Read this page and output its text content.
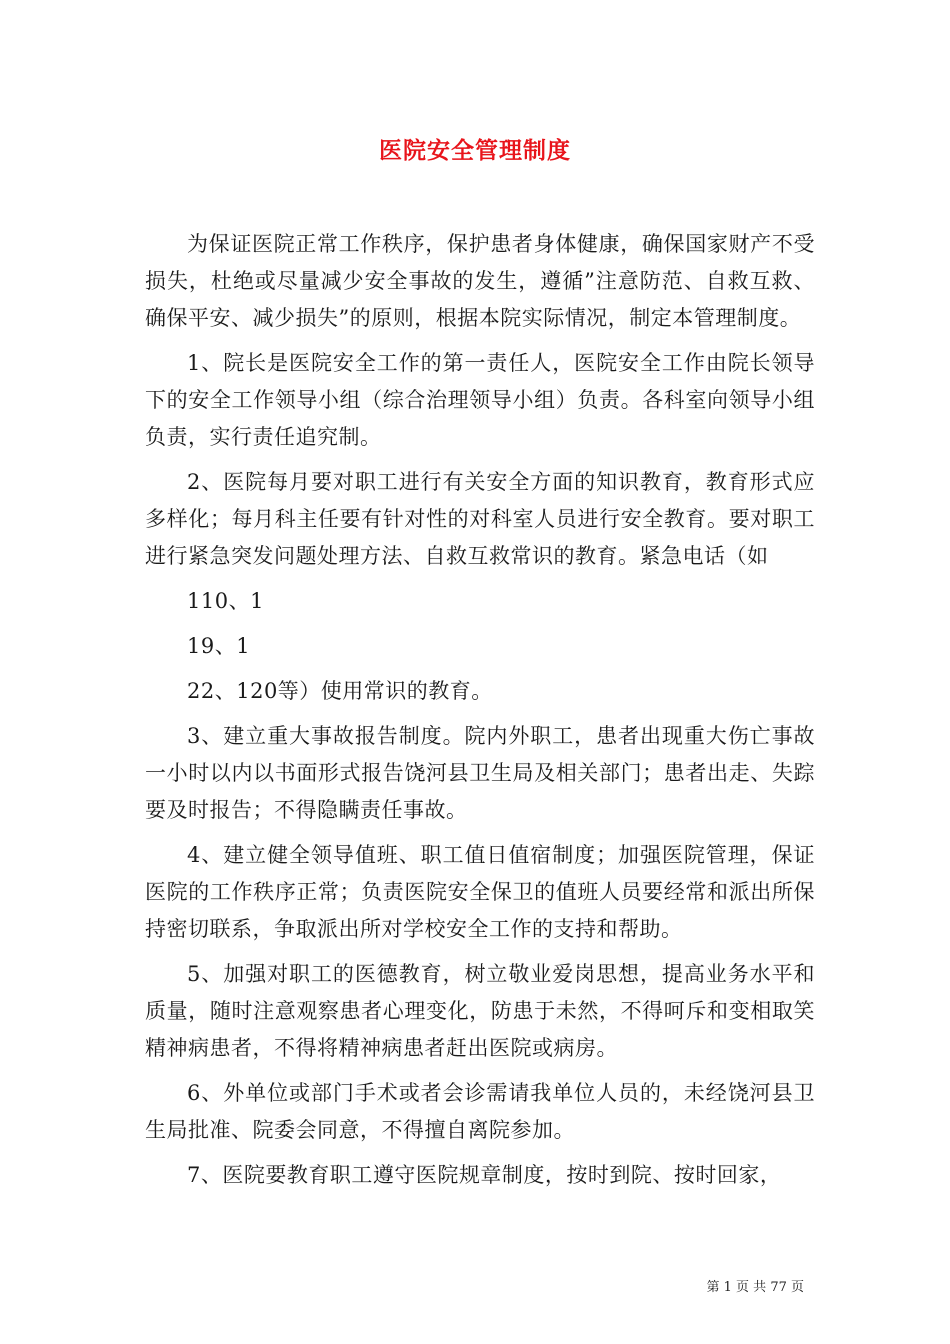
医院安全管理制度

为保证医院正常工作秩序，保护患者身体健康，确保国家财产不受损失，杜绝或尽量减少安全事故的发生，遵循”注意防范、自救互救、确保平安、减少损失”的原则，根据本院实际情况，制定本管理制度。

1、院长是医院安全工作的第一责任人，医院安全工作由院长领导下的安全工作领导小组（综合治理领导小组）负责。各科室向领导小组负责，实行责任追究制。

2、医院每月要对职工进行有关安全方面的知识教育，教育形式应多样化；每月科主任要有针对性的对科室人员进行安全教育。要对职工进行紧急突发问题处理方法、自救互救常识的教育。紧急电话（如

110、1

19、1

22、120等）使用常识的教育。

3、建立重大事故报告制度。院内外职工，患者出现重大伤亡事故一小时以内以书面形式报告饶河县卫生局及相关部门；患者出走、失踪要及时报告；不得隐瞒责任事故。

4、建立健全领导值班、职工值日值宿制度；加强医院管理，保证医院的工作秩序正常；负责医院安全保卫的值班人员要经常和派出所保持密切联系，争取派出所对学校安全工作的支持和帮助。

5、加强对职工的医德教育，树立敬业爱岗思想，提高业务水平和质量，随时注意观察患者心理变化，防患于未然，不得呵斥和变相取笑精神病患者，不得将精神病患者赶出医院或病房。

6、外单位或部门手术或者会诊需请我单位人员的，未经饶河县卫生局批准、院委会同意，不得擅自离院参加。

7、医院要教育职工遵守医院规章制度，按时到院、按时回家，

第 1 页 共 77 页
